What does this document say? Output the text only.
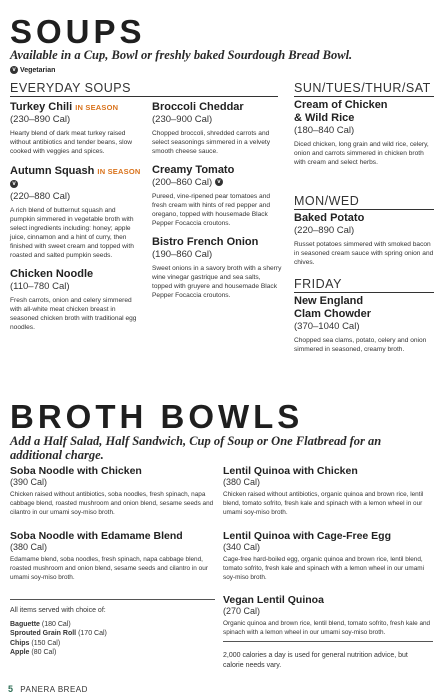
SOUPS
Available in a Cup, Bowl or freshly baked Sourdough Bread Bowl.
v Vegetarian
EVERYDAY SOUPS
Turkey Chili IN SEASON
(230–890 Cal)
Hearty blend of dark meat turkey raised without antibiotics and tender beans, slow cooked with veggies and spices.
Autumn Squash IN SEASON v
(220–880 Cal)
A rich blend of butternut squash and pumpkin simmered in vegetable broth with select ingredients including: honey; apple juice, cinnamon and a hint of curry, then finished with sweet cream and topped with roasted and salted pumpkin seeds.
Chicken Noodle
(110–780 Cal)
Fresh carrots, onion and celery simmered with all-white meat chicken breast in seasoned chicken broth with traditional egg noodles.
Broccoli Cheddar
(230–900 Cal)
Chopped broccoli, shredded carrots and select seasonings simmered in a velvety smooth cheese sauce.
Creamy Tomato
(200–860 Cal) v
Pureed, vine-ripened pear tomatoes and fresh cream with hints of red pepper and oregano, topped with housemade Black Pepper Focaccia croutons.
Bistro French Onion
(190–860 Cal)
Sweet onions in a savory broth with a sherry wine vinegar gastrique and sea salts, topped with gruyere and housemade Black Pepper Focaccia croutons.
SUN/TUES/THUR/SAT
Cream of Chicken
& Wild Rice
(180–840 Cal)
Diced chicken, long grain and wild rice, celery, onion and carrots simmered in chicken broth with cream and select herbs.
MON/WED
Baked Potato
(220–890 Cal)
Russet potatoes simmered with smoked bacon in seasoned cream sauce with spring onion and chives.
FRIDAY
New England
Clam Chowder
(370–1040 Cal)
Chopped sea clams, potato, celery and onion simmered in seasoned, creamy broth.
BROTH BOWLS
Add a Half Salad, Half Sandwich, Cup of Soup or One Flatbread for an additional charge.
Soba Noodle with Chicken
(390 Cal)
Chicken raised without antibiotics, soba noodles, fresh spinach, napa cabbage blend, roasted mushroom and onion blend, sesame seeds and cilantro in our umami soy-miso broth.
Soba Noodle with Edamame Blend
(380 Cal)
Edamame blend, soba noodles, fresh spinach, napa cabbage blend, roasted mushroom and onion blend, sesame seeds and cilantro in our umami soy-miso broth.
All items served with choice of:
Baguette (180 Cal)
Sprouted Grain Roll (170 Cal)
Chips (150 Cal)
Apple (80 Cal)
Lentil Quinoa with Chicken
(380 Cal)
Chicken raised without antibiotics, organic quinoa and brown rice, lentil blend, tomato sofrito, fresh kale and spinach with a lemon wheel in our umami soy-miso broth.
Lentil Quinoa with Cage-Free Egg
(340 Cal)
Cage-free hard-boiled egg, organic quinoa and brown rice, lentil blend, tomato sofrito, fresh kale and spinach with a lemon wheel in our umami soy-miso broth.
Vegan Lentil Quinoa
(270 Cal)
Organic quinoa and brown rice, lentil blend, tomato sofrito, fresh kale and spinach with a lemon wheel in our umami soy-miso broth.
2,000 calories a day is used for general nutrition advice, but calorie needs vary.
5 PANERA BREAD
